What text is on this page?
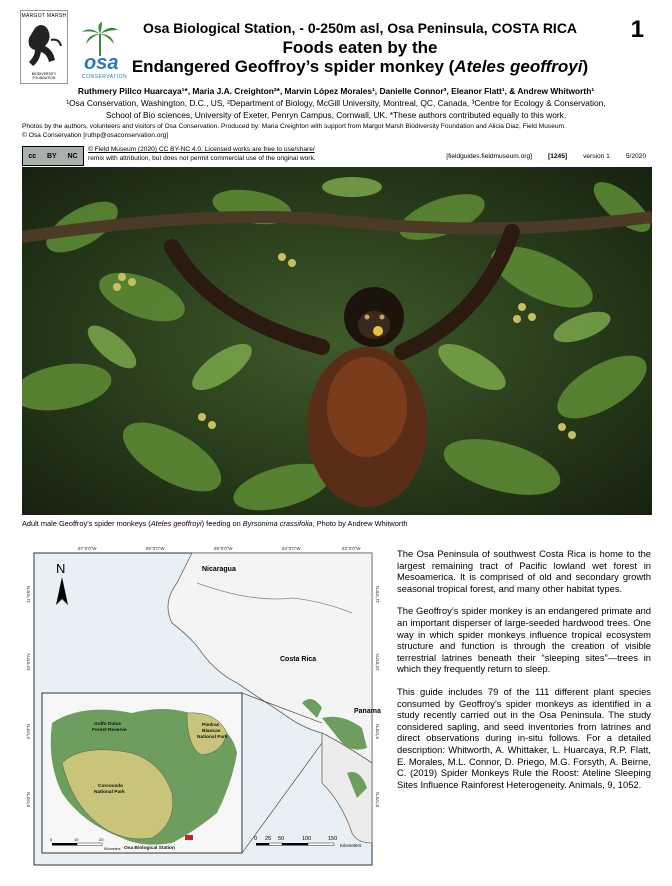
MARGOT MARSH
BIODIVERSITY FOUNDATION
osa
CONSERVATION
Osa Biological Station, - 0-250m asl, Osa Peninsula, COSTA RICA
Foods eaten by the
Endangered Geoffroy’s spider monkey (Ateles geoffroyi)
1
Ruthmery Pillco Huarcaya¹*, Maria J.A. Creighton²*, Marvin López Morales¹, Danielle Connor³, Eleanor Flatt¹, & Andrew Whitworth¹
¹Osa Conservation, Washington, D.C., US, ²Department of Biology, McGill University, Montreal, QC, Canada, ³Centre for Ecology & Conservation,
School of Bio sciences, University of Exeter, Penryn Campus, Cornwall, UK. *These authors contributed equally to this work.
Photos by the authors, volunteers and visitors of Osa Conservation. Produced by: Maria Creighton with support from Margot Marsh Biodiversity Foundation and Alicia Diaz, Field Museum.
© Osa Conservation [ruthp@osaconservation.org]
cc BY NC
© Field Museum (2020) CC BY-NC 4.0. Licensed works are free to use/share/
remix with attribution, but does not permit commercial use of the original work.	[fieldguides.fieldmuseum.org] [1245] version 1 5/2020
Adult male Geoffroy’s spider monkeys (Ateles geoffroyi) feeding on Byrsonima crassifolia, Photo by Andrew Whitworth
N
87°0'0"W	86°0'0"W	85°0'0"W	84°0'0"W	83°0'0"W
11°0'0"N
10°0'0"N
9°0'0"N
8°0'0"N
11°0'0"N
10°0'0"N
9°0'0"N
8°0'0"N
Nicaragua
Costa Rica
Panama
Golfo Dulce
Forest Reserve
Piedras
Blancas
National Park
Corcovado
National Park
Osa Biological Station
0	10	20
Kilometers
0 25 50	100	150
Kilometers

The Osa Peninsula of southwest Costa Rica is home to the largest remaining tract of Pacific lowland wet forest in Mesoamerica. It is comprised of old and secondary growth seasonal tropical forest, and many other habitat types.

The Geoffroy’s spider monkey is an endangered primate and an important disperser of large-seeded hardwood trees. One way in which spider monkeys influence tropical ecosystem structure and function is through the creation of visible terrestrial latrines beneath their “sleeping sites”—trees in which they frequently return to sleep.

This guide includes 79 of the 111 different plant species consumed by Geoffroy’s spider monkeys as identified in a study recently carried out in the Osa Peninsula. The study considered sapling, and seed inventories from latrines and direct observations during in-situ follows. For a detailed description: Whitworth, A. Whittaker, L. Huarcaya, R.P. Flatt, E. Morales, M.L. Connor, D. Priego, M.G. Forsyth, A. Beirne, C. (2019) Spider Monkeys Rule the Roost: Ateline Sleeping Sites Influence Rainforest Heterogeneity. Animals, 9, 1052.
